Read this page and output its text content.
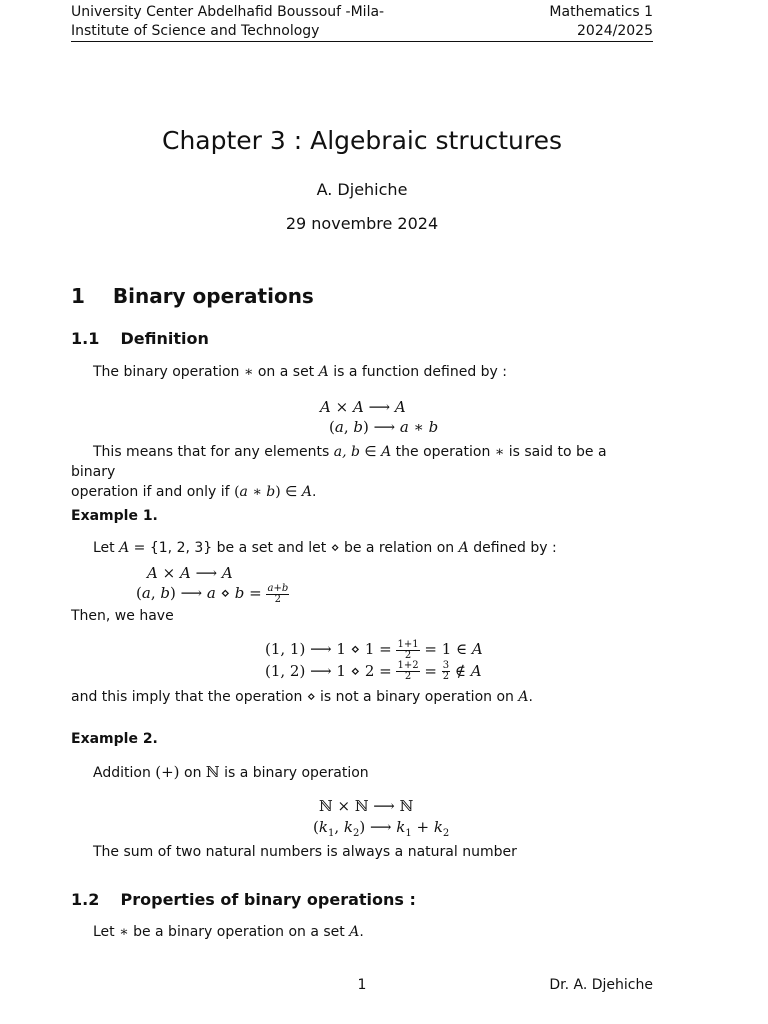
University Center Abdelhafid Boussouf -Mila-
Institute of Science and Technology
Mathematics 1
2024/2025
Chapter 3 : Algebraic structures
A. Djehiche
29 novembre 2024
1 Binary operations
1.1 Definition
The binary operation ∗ on a set A is a function defined by :
A × A ⟶ A
(a, b) ⟶ a ∗ b
This means that for any elements a, b ∈ A the operation ∗ is said to be a binary
operation if and only if (a ∗ b) ∈ A.
Example 1.
Let A = {1, 2, 3} be a set and let ⋄ be a relation on A defined by :
A × A ⟶ A
(a, b) ⟶ a ⋄ $b = \frac{a+b}{2}$
Then, we have
(1, 1) ⟶ 1 ⋄ $1 = \frac{1+1}{2} = 1$ ∈ A
(1, 2) ⟶ 1 ⋄ $2 = \frac{1+2}{2} = \frac{3}{2}$ ∉ A
and this imply that the operation ⋄ is not a binary operation on A.
Example 2.
Addition (+) on ℕ is a binary operation
ℕ × ℕ ⟶ ℕ
($k_1$, $k_2$) ⟶ $k_1 + k_2$
The sum of two natural numbers is always a natural number
1.2 Properties of binary operations :
Let ∗ be a binary operation on a set A.
1	Dr. A. Djehiche
